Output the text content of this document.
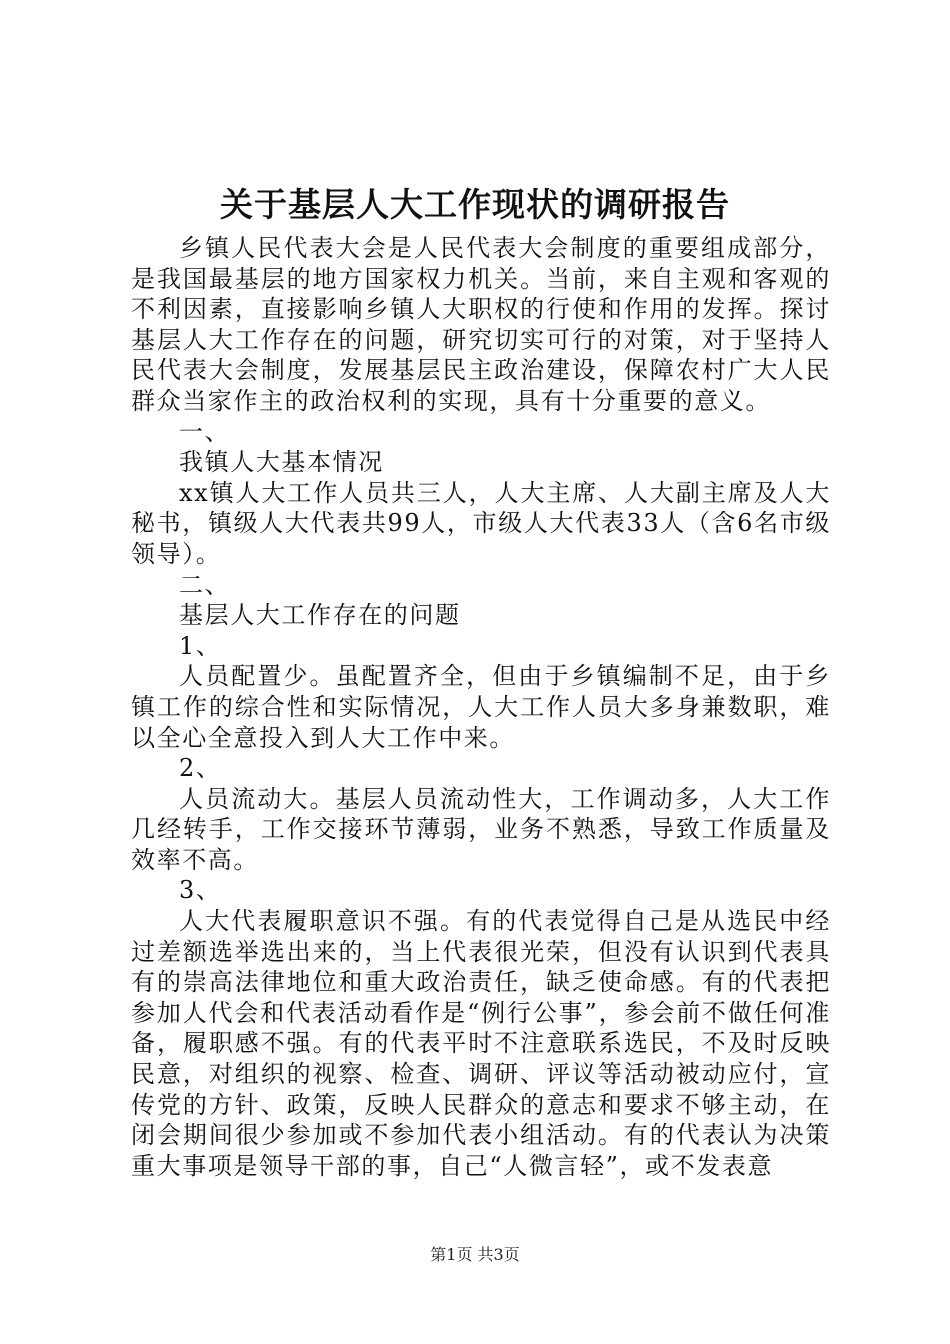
关于基层人大工作现状的调研报告

乡镇人民代表大会是人民代表大会制度的重要组成部分，是我国最基层的地方国家权力机关。当前，来自主观和客观的不利因素，直接影响乡镇人大职权的行使和作用的发挥。探讨基层人大工作存在的问题，研究切实可行的对策，对于坚持人民代表大会制度，发展基层民主政治建设，保障农村广大人民群众当家作主的政治权利的实现，具有十分重要的意义。

一、

我镇人大基本情况

xx镇人大工作人员共三人，人大主席、人大副主席及人大秘书，镇级人大代表共99人，市级人大代表33人（含6名市级领导）。

二、

基层人大工作存在的问题

1、

人员配置少。虽配置齐全，但由于乡镇编制不足，由于乡镇工作的综合性和实际情况，人大工作人员大多身兼数职，难以全心全意投入到人大工作中来。

2、

人员流动大。基层人员流动性大，工作调动多，人大工作几经转手，工作交接环节薄弱，业务不熟悉，导致工作质量及效率不高。

3、

人大代表履职意识不强。有的代表觉得自己是从选民中经过差额选举选出来的，当上代表很光荣，但没有认识到代表具有的崇高法律地位和重大政治责任，缺乏使命感。有的代表把参加人代会和代表活动看作是“例行公事”，参会前不做任何准备，履职感不强。有的代表平时不注意联系选民，不及时反映民意，对组织的视察、检查、调研、评议等活动被动应付，宣传党的方针、政策，反映人民群众的意志和要求不够主动，在闭会期间很少参加或不参加代表小组活动。有的代表认为决策重大事项是领导干部的事，自己“人微言轻”，或不发表意

第1页 共3页
